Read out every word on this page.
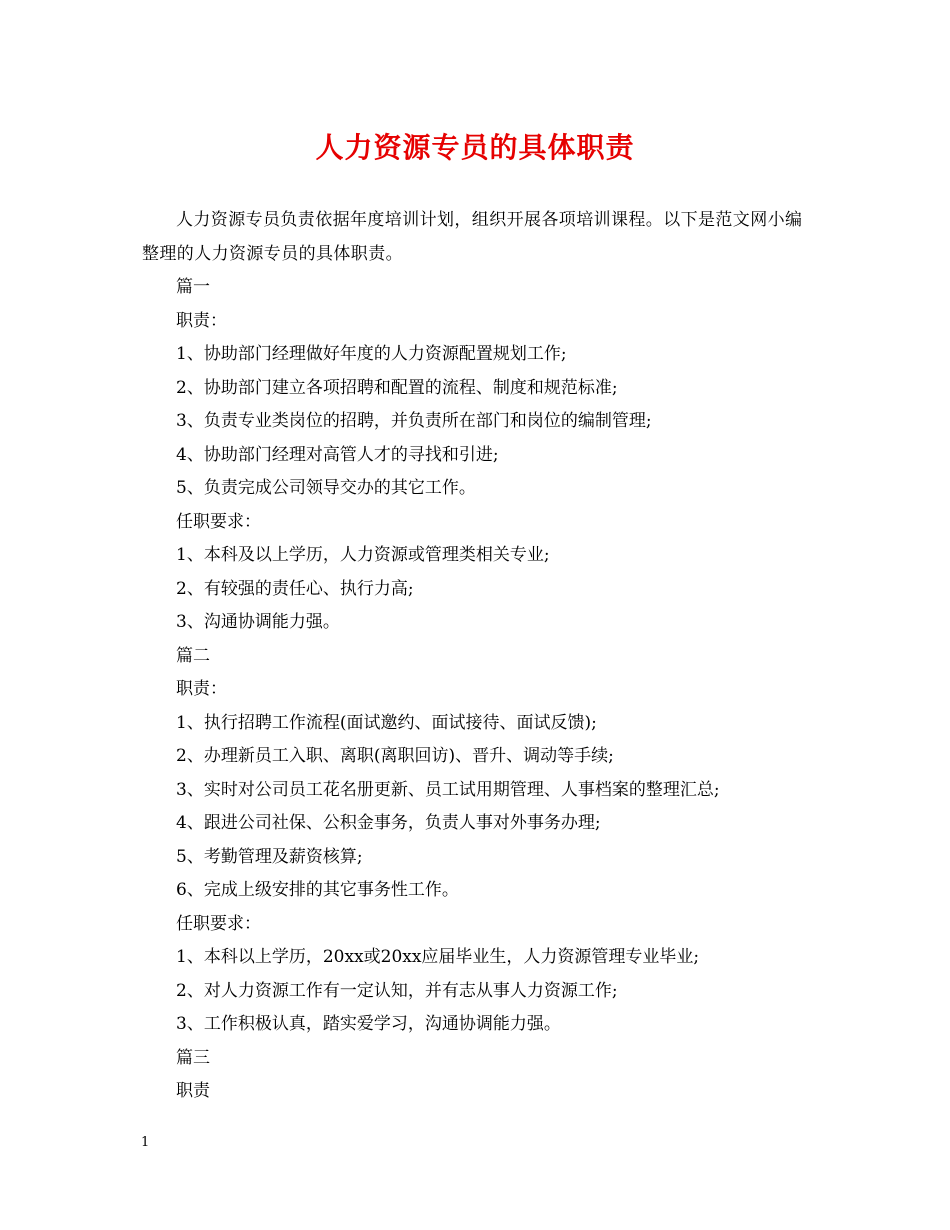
人力资源专员的具体职责

人力资源专员负责依据年度培训计划，组织开展各项培训课程。以下是范文网小编整理的人力资源专员的具体职责。

篇一

职责：

1、协助部门经理做好年度的人力资源配置规划工作;

2、协助部门建立各项招聘和配置的流程、制度和规范标准;

3、负责专业类岗位的招聘，并负责所在部门和岗位的编制管理;

4、协助部门经理对高管人才的寻找和引进;

5、负责完成公司领导交办的其它工作。

任职要求：

1、本科及以上学历，人力资源或管理类相关专业;

2、有较强的责任心、执行力高;

3、沟通协调能力强。

篇二

职责：

1、执行招聘工作流程(面试邀约、面试接待、面试反馈);

2、办理新员工入职、离职(离职回访)、晋升、调动等手续;

3、实时对公司员工花名册更新、员工试用期管理、人事档案的整理汇总;

4、跟进公司社保、公积金事务，负责人事对外事务办理;

5、考勤管理及薪资核算;

6、完成上级安排的其它事务性工作。

任职要求：

1、本科以上学历，20xx或20xx应届毕业生，人力资源管理专业毕业;

2、对人力资源工作有一定认知，并有志从事人力资源工作;

3、工作积极认真，踏实爱学习，沟通协调能力强。

篇三

职责

1
